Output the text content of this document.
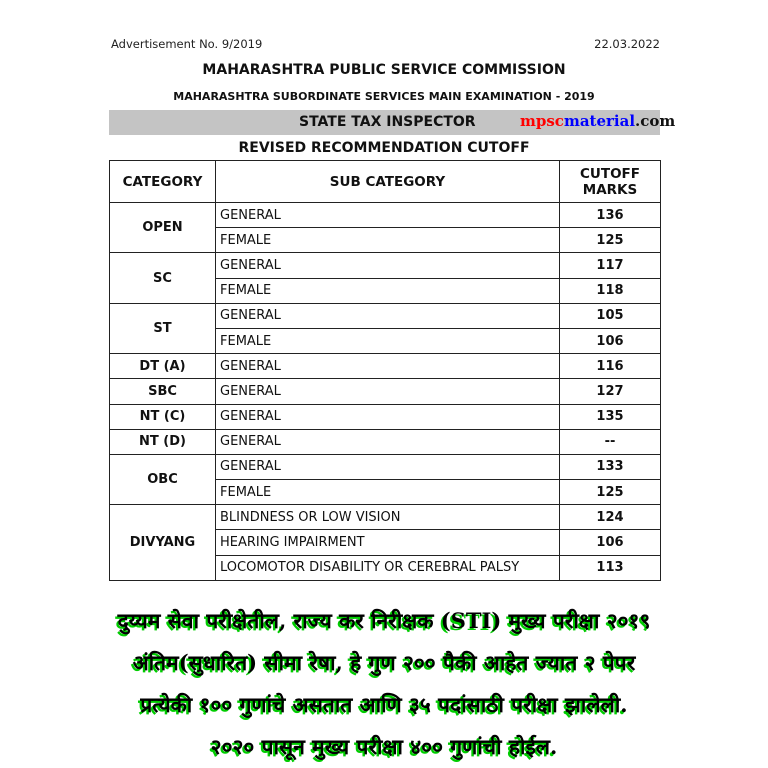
Advertisement No. 9/2019	22.03.2022
MAHARASHTRA PUBLIC SERVICE COMMISSION
MAHARASHTRA SUBORDINATE SERVICES MAIN EXAMINATION - 2019
STATE TAX INSPECTOR	mpscmaterial.com
REVISED RECOMMENDATION CUTOFF
CATEGORY	SUB CATEGORY	CUTOFF MARKS
OPEN	GENERAL	136
	FEMALE	125
SC	GENERAL	117
	FEMALE	118
ST	GENERAL	105
	FEMALE	106
DT (A)	GENERAL	116
SBC	GENERAL	127
NT (C)	GENERAL	135
NT (D)	GENERAL	--
OBC	GENERAL	133
	FEMALE	125
DIVYANG	BLINDNESS OR LOW VISION	124
	HEARING IMPAIRMENT	106
	LOCOMOTOR DISABILITY OR CEREBRAL PALSY	113
दुय्यम सेवा परीक्षेतील, राज्य कर निरीक्षक (STI) मुख्य परीक्षा २०१९
अंतिम(सुधारित) सीमा रेषा, हे गुण २०० पैकी आहेत ज्यात २ पेपर
प्रत्येकी १०० गुणांचे असतात आणि ३५ पदांसाठी परीक्षा झालेली.
२०२० पासून मुख्य परीक्षा ४०० गुणांची होईल.
